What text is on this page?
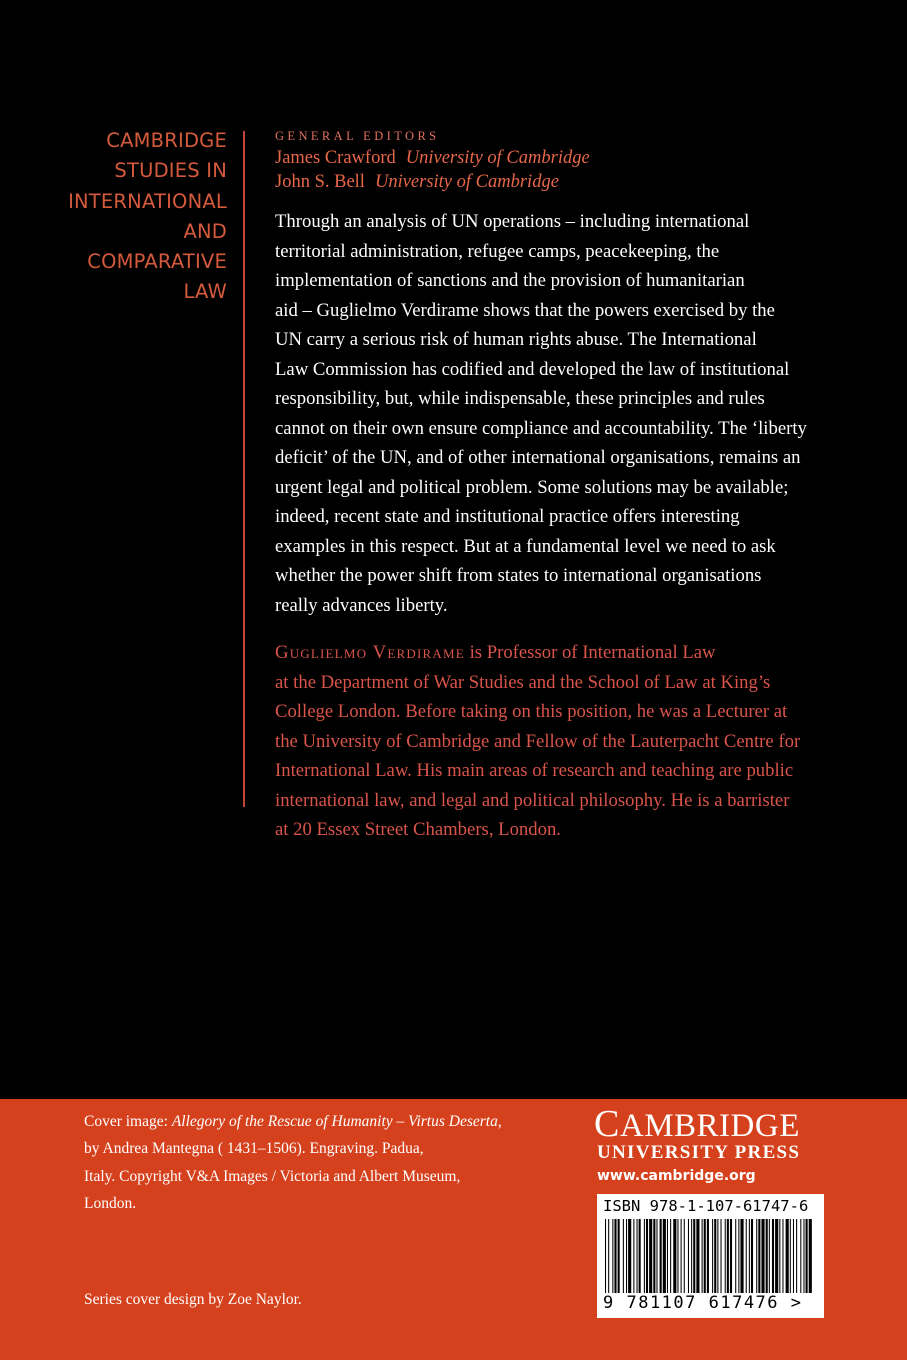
CAMBRIDGE
STUDIES IN
INTERNATIONAL
AND
COMPARATIVE
LAW
GENERAL EDITORS
James Crawford University of Cambridge
John S. Bell University of Cambridge

Through an analysis of UN operations – including international
territorial administration, refugee camps, peacekeeping, the
implementation of sanctions and the provision of humanitarian
aid – Guglielmo Verdirame shows that the powers exercised by the
UN carry a serious risk of human rights abuse. The International
Law Commission has codified and developed the law of institutional
responsibility, but, while indispensable, these principles and rules
cannot on their own ensure compliance and accountability. The ‘liberty
deficit’ of the UN, and of other international organisations, remains an
urgent legal and political problem. Some solutions may be available;
indeed, recent state and institutional practice offers interesting
examples in this respect. But at a fundamental level we need to ask
whether the power shift from states to international organisations
really advances liberty.

Guglielmo Verdirame is Professor of International Law
at the Department of War Studies and the School of Law at King’s
College London. Before taking on this position, he was a Lecturer at
the University of Cambridge and Fellow of the Lauterpacht Centre for
International Law. His main areas of research and teaching are public
international law, and legal and political philosophy. He is a barrister
at 20 Essex Street Chambers, London.

Cover image: Allegory of the Rescue of Humanity – Virtus Deserta,
by Andrea Mantegna ( 1431–1506). Engraving. Padua,
Italy. Copyright V&A Images / Victoria and Albert Museum,
London.
Series cover design by Zoe Naylor.
CAMBRIDGE
UNIVERSITY PRESS
www.cambridge.org
ISBN 978-1-107-61747-6
9 781107 617476 >
